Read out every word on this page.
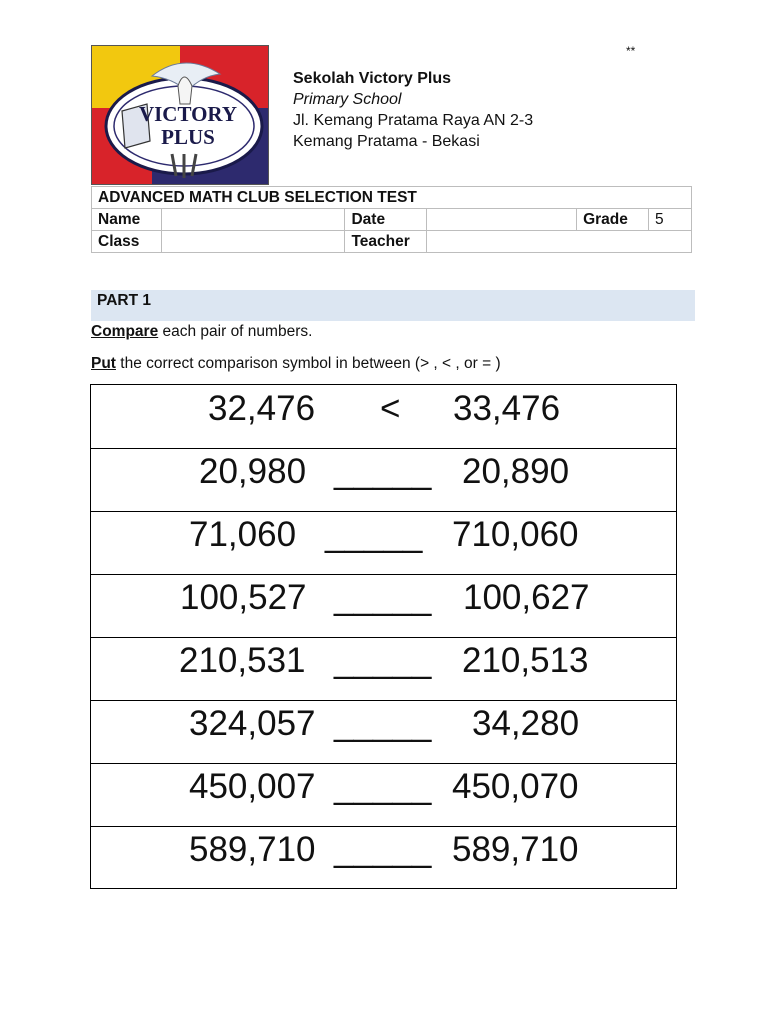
**
VICTORY
PLUS
Sekolah Victory Plus
Primary School
Jl. Kemang Pratama Raya AN 2-3
Kemang Pratama - Bekasi
ADVANCED MATH CLUB SELECTION TEST					
Name		Date		Grade	5
Class		Teacher			
PART 1
Compare each pair of numbers.
Put the correct comparison symbol in between (> , < , or = )
32,476 < 33,476
20,980 _____ 20,890
71,060 _____ 710,060
100,527 _____ 100,627
210,531 _____ 210,513
324,057 _____ 34,280
450,007 _____ 450,070
589,710 _____ 589,710
